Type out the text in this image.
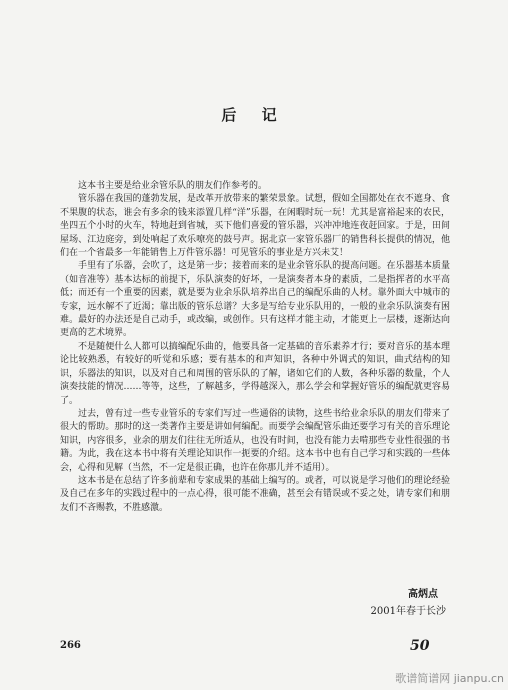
后 记

这本书主要是给业余管乐队的朋友们作参考的。

管乐器在我国的蓬勃发展，是改革开放带来的繁荣景象。试想，假如全国都处在衣不遮身、食不果腹的状态，谁会有多余的钱来添置几样“洋”乐器，在闲暇时玩一玩！尤其是富裕起来的农民，坐四五个小时的火车，特地赶到省城，买下他们喜爱的管乐器，兴冲冲地连夜赶回家。于是，田间屋场、江边庭旁，到处响起了欢乐嘹亮的鼓号声。据北京一家管乐器厂的销售科长提供的情况，他们在一个省最多一年能销售上万件管乐器！可见管乐的事业是方兴未艾！

手里有了乐器，会吹了，这是第一步；接着而来的是业余管乐队的提高问题。在乐器基本质量（如音准等）基本达标的前提下，乐队演奏的好坏，一是演奏者本身的素质，二是指挥者的水平高低；而还有一个重要的因素，就是要为业余乐队培养出自己的编配乐曲的人材。靠外面大中城市的专家，远水解不了近渴；靠出版的管乐总谱？大多是写给专业乐队用的，一般的业余乐队演奏有困难。最好的办法还是自己动手，或改编，或创作。只有这样才能主动，才能更上一层楼，逐渐达向更高的艺术境界。

不是随便什么人都可以搞编配乐曲的，他要具备一定基础的音乐素养才行；要对音乐的基本理论比较熟悉，有较好的听觉和乐感；要有基本的和声知识，各种中外调式的知识，曲式结构的知识，乐器法的知识，以及对自己和周围的管乐队的了解，诸如它们的人数，各种乐器的数量，个人演奏技能的情况……等等，这些，了解越多，学得越深入，那么学会和掌握好管乐的编配就更容易了。

过去，曾有过一些专业管乐的专家们写过一些通俗的读物，这些书给业余乐队的朋友们带来了很大的帮助。那时的这一类著作主要是讲如何编配。而要学会编配管乐曲还要学习有关的音乐理论知识，内容很多，业余的朋友们往往无所适从，也没有时间，也没有能力去啃那些专业性很强的书籍。为此，我在这本书中将有关理论知识作一扼要的介绍。这本书中也有自己学习和实践的一些体会，心得和见解（当然，不一定是很正确，也许在你那儿并不适用）。

这本书是在总结了许多前辈和专家成果的基础上编写的。或者，可以说是学习他们的理论经验及自己在多年的实践过程中的一点心得，很可能不准确，甚至会有错误或不妥之处，请专家们和朋友们不吝赐教，不胜感激。

高炳点
2001年春于长沙
266	50
歌谱简谱网 jianpu.cn
